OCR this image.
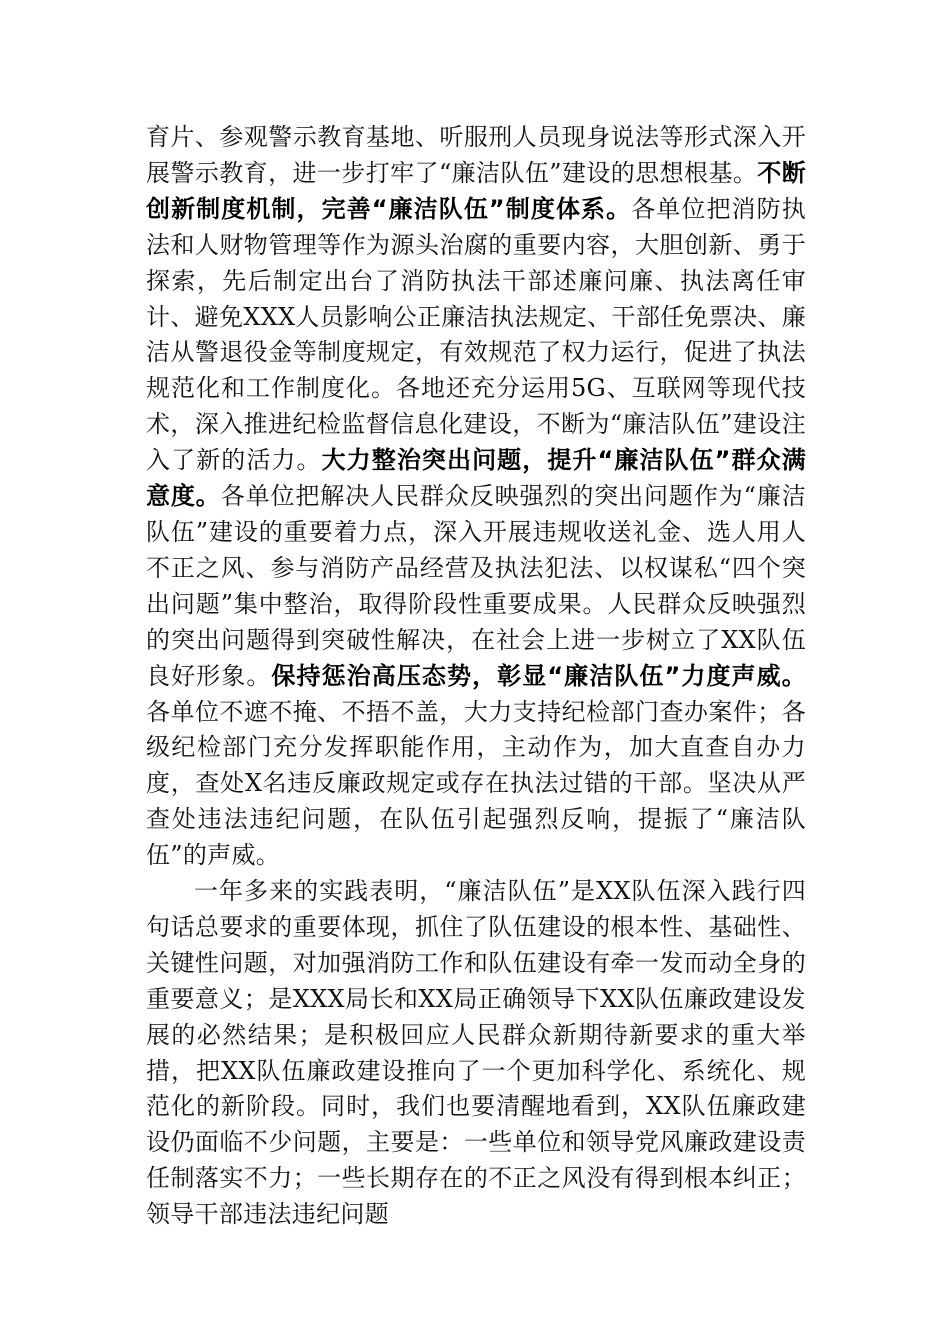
育片、参观警示教育基地、听服刑人员现身说法等形式深入开展警示教育，进一步打牢了“廉洁队伍”建设的思想根基。不断创新制度机制，完善“廉洁队伍”制度体系。各单位把消防执法和人财物管理等作为源头治腐的重要内容，大胆创新、勇于探索，先后制定出台了消防执法干部述廉问廉、执法离任审计、避免XXX人员影响公正廉洁执法规定、干部任免票决、廉洁从警退役金等制度规定，有效规范了权力运行，促进了执法规范化和工作制度化。各地还充分运用5G、互联网等现代技术，深入推进纪检监督信息化建设，不断为“廉洁队伍”建设注入了新的活力。大力整治突出问题，提升“廉洁队伍”群众满意度。各单位把解决人民群众反映强烈的突出问题作为“廉洁队伍”建设的重要着力点，深入开展违规收送礼金、选人用人不正之风、参与消防产品经营及执法犯法、以权谋私“四个突出问题”集中整治，取得阶段性重要成果。人民群众反映强烈的突出问题得到突破性解决，在社会上进一步树立了XX队伍良好形象。保持惩治高压态势，彰显“廉洁队伍”力度声威。各单位不遮不掩、不捂不盖，大力支持纪检部门查办案件；各级纪检部门充分发挥职能作用，主动作为，加大直查自办力度，查处X名违反廉政规定或存在执法过错的干部。坚决从严查处违法违纪问题，在队伍引起强烈反响，提振了“廉洁队伍”的声威。

一年多来的实践表明，“廉洁队伍”是XX队伍深入践行四句话总要求的重要体现，抓住了队伍建设的根本性、基础性、关键性问题，对加强消防工作和队伍建设有牵一发而动全身的重要意义；是XXX局长和XX局正确领导下XX队伍廉政建设发展的必然结果；是积极回应人民群众新期待新要求的重大举措，把XX队伍廉政建设推向了一个更加科学化、系统化、规范化的新阶段。同时，我们也要清醒地看到，XX队伍廉政建设仍面临不少问题，主要是：一些单位和领导党风廉政建设责任制落实不力；一些长期存在的不正之风没有得到根本纠正；领导干部违法违纪问题
